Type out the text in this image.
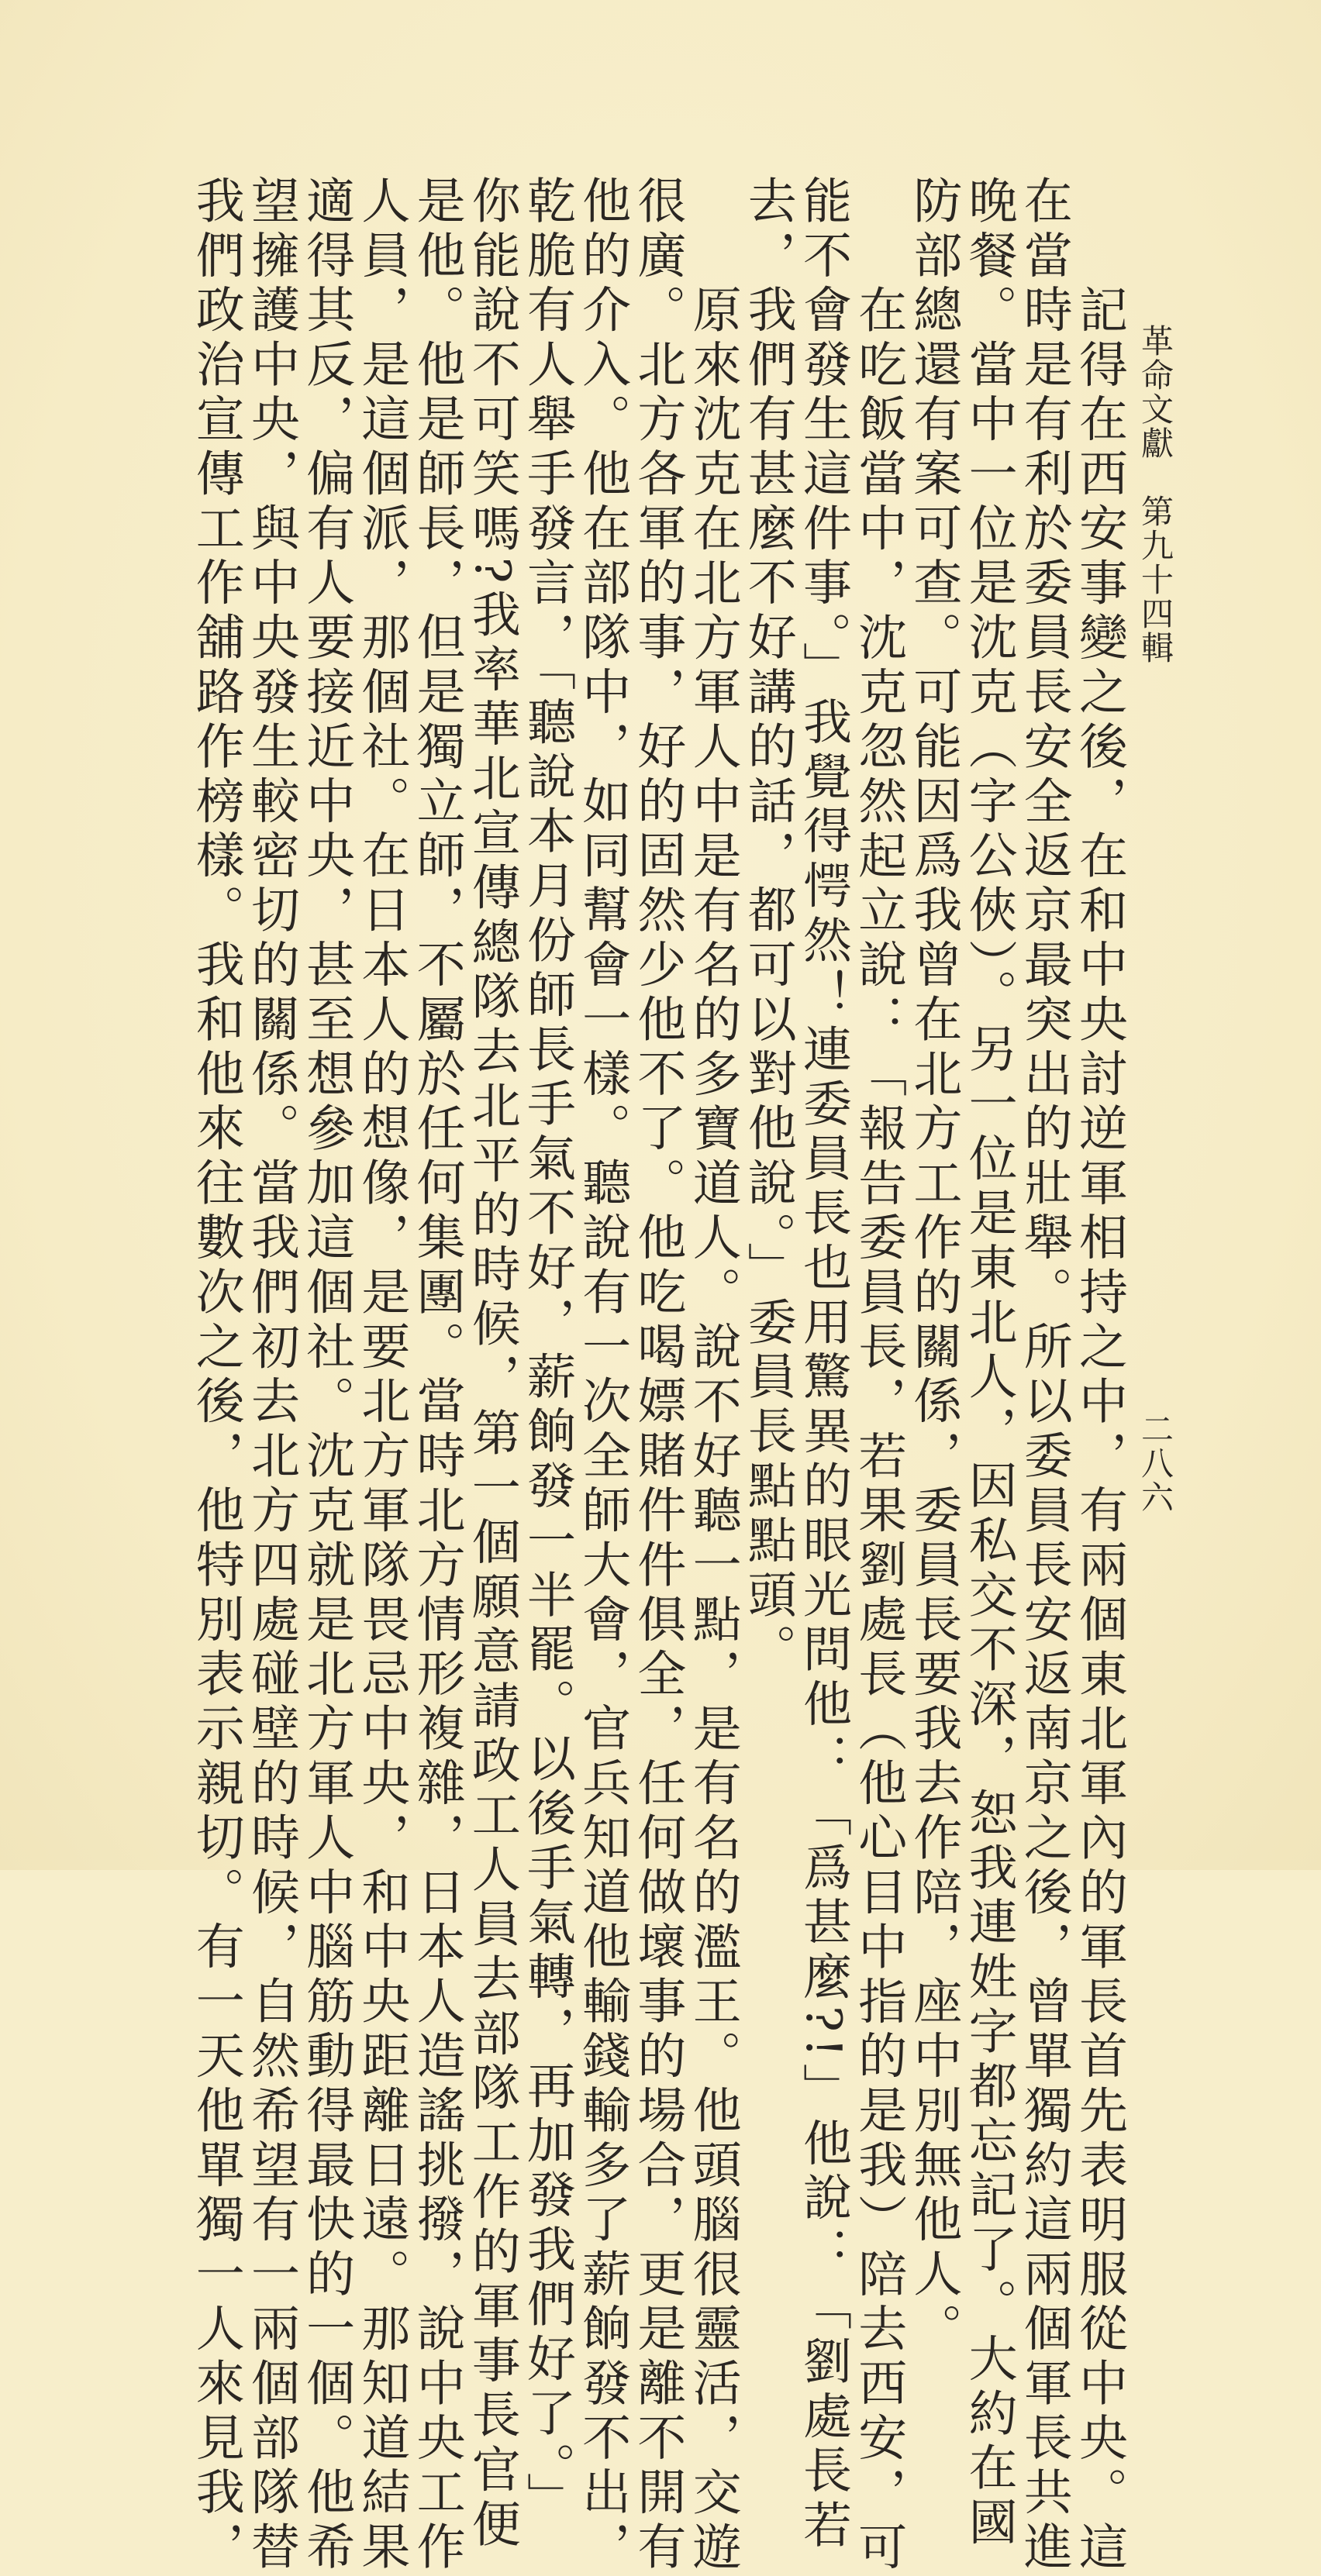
革命文獻　第九十四輯
二八六
記得在西安事變之後，在和中央討逆軍相持之中，有兩個東北軍內的軍長首先表明服從中央。這
在當時是有利於委員長安全返京最突出的壯舉。所以委員長安返南京之後，曾單獨約這兩個軍長共進
晚餐。當中一位是沈克（字公俠）。另一位是東北人，因私交不深，恕我連姓字都忘記了。大約在國
防部總還有案可查。可能因爲我曾在北方工作的關係，委員長要我去作陪，座中別無他人。
在吃飯當中，沈克忽然起立說：「報告委員長，若果劉處長（他心目中指的是我）陪去西安，可
能不會發生這件事。」我覺得愕然！連委員長也用驚異的眼光問他：「爲甚麼?!」他說：「劉處長若
去，我們有甚麼不好講的話，都可以對他說。」委員長點點頭。
原來沈克在北方軍人中是有名的多寶道人。說不好聽一點，是有名的濫王。他頭腦很靈活，交遊
很廣。北方各軍的事，好的固然少他不了。他吃喝嫖賭件件俱全，任何做壞事的場合，更是離不開有
他的介入。他在部隊中，如同幫會一樣。聽說有一次全師大會，官兵知道他輸錢輸多了薪餉發不出，
乾脆有人舉手發言，「聽說本月份師長手氣不好，薪餉發一半罷。以後手氣轉，再加發我們好了。」
你能說不可笑嗎?我率華北宣傳總隊去北平的時候，第一個願意請政工人員去部隊工作的軍事長官便
是他。他是師長，但是獨立師，不屬於任何集團。當時北方情形複雜，日本人造謠挑撥，說中央工作
人員，是這個派，那個社。在日本人的想像，是要北方軍隊畏忌中央，和中央距離日遠。那知道結果
適得其反，偏有人要接近中央，甚至想參加這個社。沈克就是北方軍人中腦筋動得最快的一個。他希
望擁護中央，與中央發生較密切的關係。當我們初去北方四處碰壁的時候，自然希望有一兩個部隊替
我們政治宣傳工作舖路作榜樣。我和他來往數次之後，他特別表示親切。有一天他單獨一人來見我，
